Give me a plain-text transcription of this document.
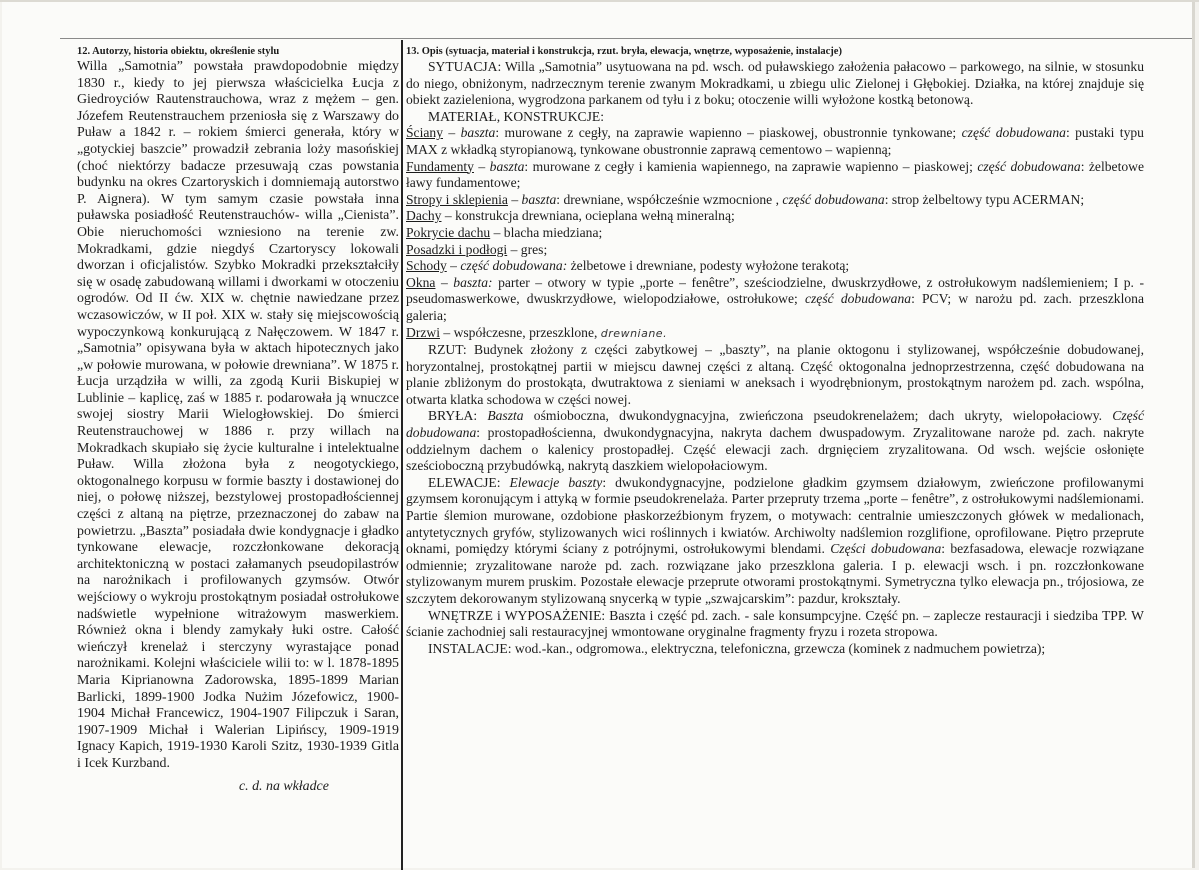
12. Autorzy, historia obiektu, określenie stylu

Willa „Samotnia” powstała prawdopodobnie między 1830 r., kiedy to jej pierwsza właścicielka Łucja z Giedroyciów Rautenstrauchowa, wraz z mężem – gen. Józefem Reutenstrauchem przeniosła się z Warszawy do Puław a 1842 r. – rokiem śmierci generała, który w „gotyckiej baszcie” prowadził zebrania loży masońskiej (choć niektórzy badacze przesuwają czas powstania budynku na okres Czartoryskich i domniemają autorstwo P. Aignera). W tym samym czasie powstała inna puławska posiadłość Reutenstrauchów- willa „Cienista”. Obie nieruchomości wzniesiono na terenie zw. Mokradkami, gdzie niegdyś Czartoryscy lokowali dworzan i oficjalistów. Szybko Mokradki przekształciły się w osadę zabudowaną willami i dworkami w otoczeniu ogrodów. Od II ćw. XIX w. chętnie nawiedzane przez wczasowiczów, w II poł. XIX w. stały się miejscowością wypoczynkową konkurującą z Nałęczowem. W 1847 r. „Samotnia” opisywana była w aktach hipotecznych jako „w połowie murowana, w połowie drewniana”. W 1875 r. Łucja urządziła w willi, za zgodą Kurii Biskupiej w Lublinie – kaplicę, zaś w 1885 r. podarowała ją wnuczce swojej siostry Marii Wielogłowskiej. Do śmierci Reutenstrauchowej w 1886 r. przy willach na Mokradkach skupiało się życie kulturalne i intelektualne Puław. Willa złożona była z neogotyckiego, oktogonalnego korpusu w formie baszty i dostawionej do niej, o połowę niższej, bezstylowej prostopadłościennej części z altaną na piętrze, przeznaczonej do zabaw na powietrzu. „Baszta” posiadała dwie kondygnacje i gładko tynkowane elewacje, rozczłonkowane dekoracją architektoniczną w postaci załamanych pseudopilastrów na narożnikach i profilowanych gzymsów. Otwór wejściowy o wykroju prostokątnym posiadał ostrołukowe nadświetle wypełnione witrażowym maswerkiem. Również okna i blendy zamykały łuki ostre. Całość wieńczył krenelaż i sterczyny wyrastające ponad narożnikami. Kolejni właściciele wilii to: w l. 1878-1895 Maria Kiprianowna Zadorowska, 1895-1899 Marian Barlicki, 1899-1900 Jodka Nużim Józefowicz, 1900-1904 Michał Francewicz, 1904-1907 Filipczuk i Saran, 1907-1909 Michał i Walerian Lipińscy, 1909-1919 Ignacy Kapich, 1919-1930 Karoli Szitz, 1930-1939 Gitla i Icek Kurzband.

c. d. na wkładce
13. Opis (sytuacja, materiał i konstrukcja, rzut. bryła, elewacja, wnętrze, wyposażenie, instalacje)

SYTUACJA: Willa „Samotnia” usytuowana na pd. wsch. od puławskiego założenia pałacowo – parkowego, na silnie, w stosunku do niego, obniżonym, nadrzecznym terenie zwanym Mokradkami, u zbiegu ulic Zielonej i Głębokiej. Działka, na której znajduje się obiekt zazieleniona, wygrodzona parkanem od tyłu i z boku; otoczenie willi wyłożone kostką betonową.

MATERIAŁ, KONSTRUKCJE:

Ściany – baszta: murowane z cegły, na zaprawie wapienno – piaskowej, obustronnie tynkowane; część dobudowana: pustaki typu MAX z wkładką styropianową, tynkowane obustronnie zaprawą cementowo – wapienną;

Fundamenty – baszta: murowane z cegły i kamienia wapiennego, na zaprawie wapienno – piaskowej; część dobudowana: żelbetowe ławy fundamentowe;

Stropy i sklepienia – baszta: drewniane, współcześnie wzmocnione , część dobudowana: strop żelbeltowy typu ACERMAN;

Dachy – konstrukcja drewniana, ocieplana wełną mineralną;

Pokrycie dachu – blacha miedziana;

Posadzki i podłogi – gres;

Schody – część dobudowana: żelbetowe i drewniane, podesty wyłożone terakotą;

Okna – baszta: parter – otwory w typie „porte – fenêtre”, sześciodzielne, dwuskrzydłowe, z ostrołukowym nadślemieniem; I p. - pseudomaswerkowe, dwuskrzydłowe, wielopodziałowe, ostrołukowe; część dobudowana: PCV; w narożu pd. zach. przeszklona galeria;

Drzwi – współczesne, przeszklone, drewniane.

RZUT: Budynek złożony z części zabytkowej – „baszty”, na planie oktogonu i stylizowanej, współcześnie dobudowanej, horyzontalnej, prostokątnej partii w miejscu dawnej części z altaną. Część oktogonalna jednoprzestrzenna, część dobudowana na planie zbliżonym do prostokąta, dwutraktowa z sieniami w aneksach i wyodrębnionym, prostokątnym narożem pd. zach. wspólna, otwarta klatka schodowa w części nowej.

BRYŁA: Baszta ośmioboczna, dwukondygnacyjna, zwieńczona pseudokrenelażem; dach ukryty, wielopołaciowy. Część dobudowana: prostopadłościenna, dwukondygnacyjna, nakryta dachem dwuspadowym. Zryzalitowane naroże pd. zach. nakryte oddzielnym dachem o kalenicy prostopadłej. Część elewacji zach. drgnięciem zryzalitowana. Od wsch. wejście osłonięte sześcioboczną przybudówką, nakrytą daszkiem wielopołaciowym.

ELEWACJE: Elewacje baszty: dwukondygnacyjne, podzielone gładkim gzymsem działowym, zwieńczone profilowanymi gzymsem koronującym i attyką w formie pseudokrenelaża. Parter przepruty trzema „porte – fenêtre”, z ostrołukowymi nadślemionami. Partie ślemion murowane, ozdobione płaskorzeźbionym fryzem, o motywach: centralnie umieszczonych główek w medalionach, antytetycznych gryfów, stylizowanych wici roślinnych i kwiatów. Archiwolty nadślemion rozglifione, oprofilowane. Piętro przeprute oknami, pomiędzy którymi ściany z potrójnymi, ostrołukowymi blendami. Części dobudowana: bezfasadowa, elewacje rozwiązane odmiennie; zryzalitowane naroże pd. zach. rozwiązane jako przeszklona galeria. I p. elewacji wsch. i pn. rozczłonkowane stylizowanym murem pruskim. Pozostałe elewacje przeprute otworami prostokątnymi. Symetryczna tylko elewacja pn., trójosiowa, ze szczytem dekorowanym stylizowaną snycerką w typie „szwajcarskim”: pazdur, krokształy.

WNĘTRZE i WYPOSAŻENIE: Baszta i część pd. zach. - sale konsumpcyjne. Część pn. – zaplecze restauracji i siedziba TPP. W ścianie zachodniej sali restauracyjnej wmontowane oryginalne fragmenty fryzu i rozeta stropowa.

INSTALACJE: wod.-kan., odgromowa., elektryczna, telefoniczna, grzewcza (kominek z nadmuchem powietrza);
